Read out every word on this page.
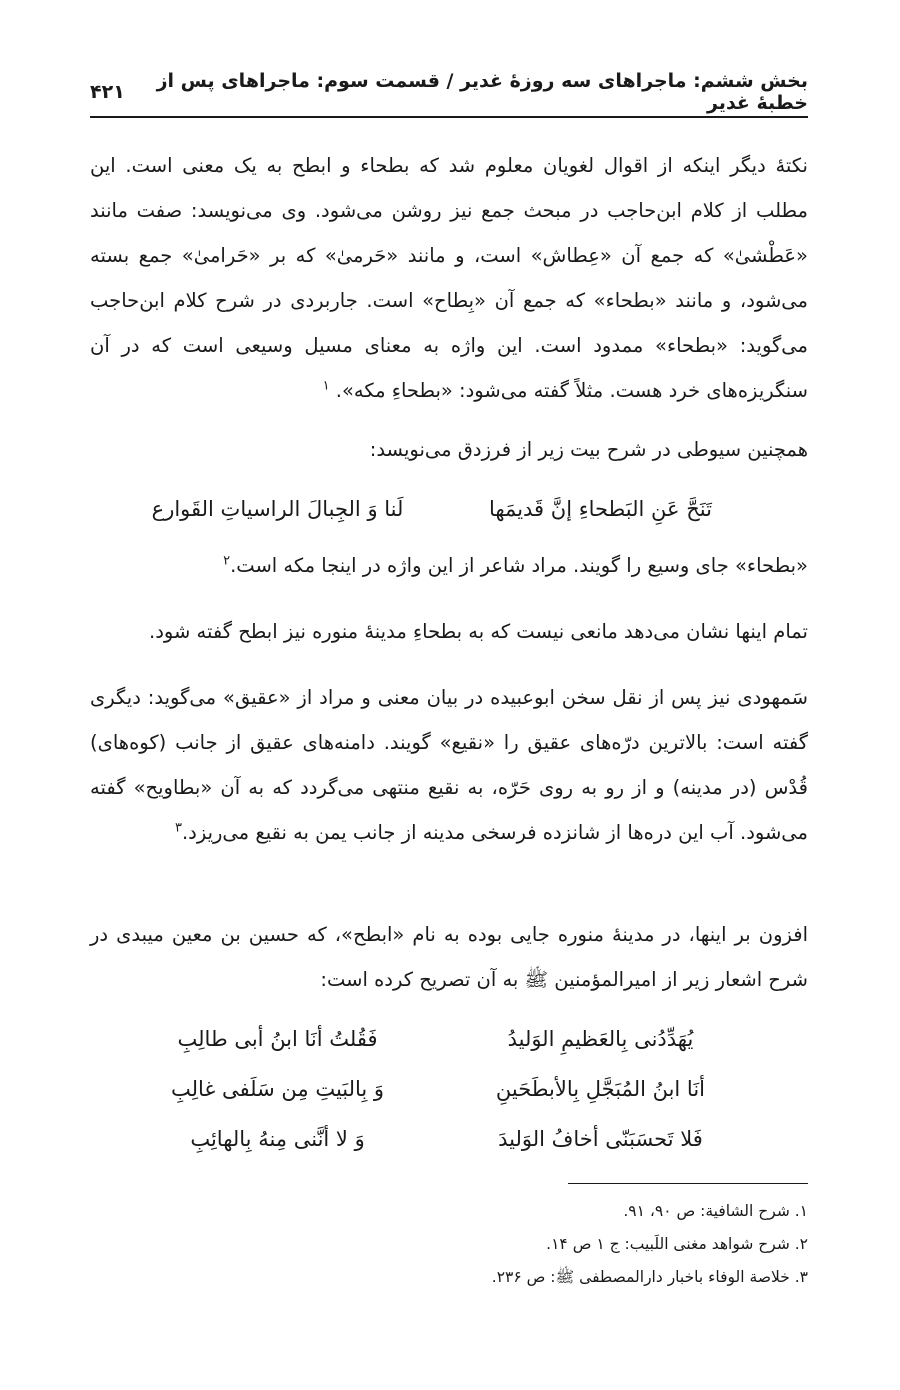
بخش ششم: ماجراهای سه روزهٔ غدیر / قسمت سوم: ماجراهای پس از خطبهٔ غدیر
۴۲۱

نکتهٔ دیگر اینکه از اقوال لغویان معلوم شد که بطحاء و ابطح به یک معنی است. این مطلب از کلام ابن‌حاجب در مبحث جمع نیز روشن می‌شود. وی می‌نویسد: صفت مانند «عَطْشیٰ» که جمع آن «عِطاش» است، و مانند «حَرمیٰ» که بر «حَرامیٰ» جمع بسته می‌شود، و مانند «بطحاء» که جمع آن «بِطاح» است. جاربردی در شرح کلام ابن‌حاجب می‌گوید: «بطحاء» ممدود است. این واژه به معنای مسیل وسیعی است که در آن سنگریزه‌های خرد هست. مثلاً گفته می‌شود: «بطحاءِ مکه». $^۱$

همچنین سیوطی در شرح بیت زیر از فرزدق می‌نویسد:

تَنَحَّ عَنِ البَطحاءِ إنَّ قَديمَها
لَنا وَ الجِبالَ الراسياتِ القَوارع

«بطحاء» جای وسیع را گویند. مراد شاعر از این واژه در اینجا مکه است.$^۲$

تمام اینها نشان می‌دهد مانعی نیست که به بطحاءِ مدینهٔ منوره نیز ابطح گفته شود.

سَمهودی نیز پس از نقل سخن ابوعبیده در بیان معنی و مراد از «عقیق» می‌گوید: دیگری گفته است: بالاترین درّه‌های عقیق را «نقیع» گویند. دامنه‌های عقیق از جانب (کوه‌های) قُدْس (در مدینه) و از رو به روی حَرّه، به نقیع منتهی می‌گردد که به آن «بطاویح» گفته می‌شود. آب این دره‌ها از شانزده فرسخی مدینه از جانب یمن به نقیع می‌ریزد.$^۳$

افزون بر اینها، در مدینهٔ منوره جایی بوده به نام «ابطح»، که حسین بن معین میبدی در شرح اشعار زیر از امیرالمؤمنین ﷺ به آن تصریح کرده است:

يُهَدِّدُنى بِالعَظيمِ الوَليدُ
فَقُلتُ أنَا ابنُ أبى طالِبِ
أنَا ابنُ المُبَجَّلِ بِالأبطَحَينِ
وَ بِالبَيتِ مِن سَلَفى غالِبِ
فَلا تَحسَبَنّى أخافُ الوَليدَ
وَ لا أنَّنى مِنهُ بِالهائِبِ
۱. شرح الشافية: ص ۹۰، ۹۱.
۲. شرح شواهد مغنى اللَبيب: ج ۱ ص ۱۴.
۳. خلاصة الوفاء باخبار دارالمصطفى ﷺ: ص ۲۳۶.
